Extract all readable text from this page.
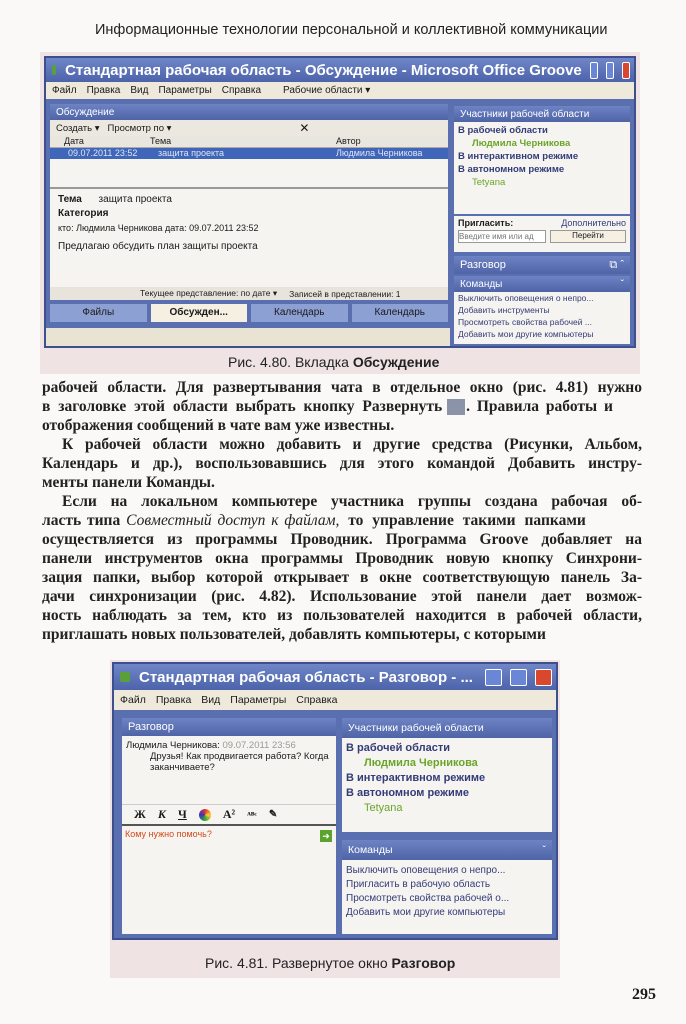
Информационные технологии персональной и коллективной коммуникации
Стандартная рабочая область - Обсуждение - Microsoft Office Groove
Файл Правка Вид Параметры Справка Рабочие области ▾
Обсуждение
Создать ▾ Просмотр по ▾	✕
Дата	Тема	Автор
09.07.2011 23:52	защита проекта	Людмила Черникова
Тема защита проекта
Категория
кто: Людмила Черникова дата: 09.07.2011 23:52
Предлагаю обсудить план защиты проекта
Текущее представление: по дате ▾ Записей в представлении: 1
Файлы	Обсужден...	Календарь	Календарь
Участники рабочей области
В рабочей области
Людмила Черникова
В интерактивном режиме
В автономном режиме
Tetyana
Пригласить:	Дополнительно
Введите имя или ад
Перейти
Разговор	⧉ ˆ
Команды	ˇ
Выключить оповещения о непро...
Добавить инструменты
Просмотреть свойства рабочей ...
Добавить мои другие компьютеры
Рис. 4.80. Вкладка Обсуждение
рабочей области. Для развертывания чата в отдельное окно (рис. 4.81) нужно
в заголовке этой области выбрать кнопку Развернуть . Правила работы и
отображения сообщений в чате вам уже известны.
К рабочей области можно добавить и другие средства (Рисунки, Альбом,
Календарь и др.), воспользовавшись для этого командой Добавить инстру-
менты панели Команды.
Если на локальном компьютере участника группы создана рабочая об-
ласть типа Совместный доступ к файлам, то управление такими папками
осуществляется из программы Проводник. Программа Groove добавляет на
панели инструментов окна программы Проводник новую кнопку Синхрони-
зация папки, выбор которой открывает в окне соответствующую панель За-
дачи синхронизации (рис. 4.82). Использование этой панели дает возмож-
ность наблюдать за тем, кто из пользователей находится в рабочей области,
приглашать новых пользователей, добавлять компьютеры, с которыми
Стандартная рабочая область - Разговор - ...
Файл Правка Вид Параметры Справка
Разговор
Людмила Черникова: 09.07.2011 23:56
Друзья! Как продвигается работа? Когда заканчиваете?
Ж К Ч	A² ᴬᴮᶜ ✎
Кому нужно помочь?	➜
Участники рабочей области
В рабочей области
Людмила Черникова
В интерактивном режиме
В автономном режиме
Tetyana
Команды	ˇ
Выключить оповещения о непро...
Пригласить в рабочую область
Просмотреть свойства рабочей о...
Добавить мои другие компьютеры
Рис. 4.81. Развернутое окно Разговор
295
